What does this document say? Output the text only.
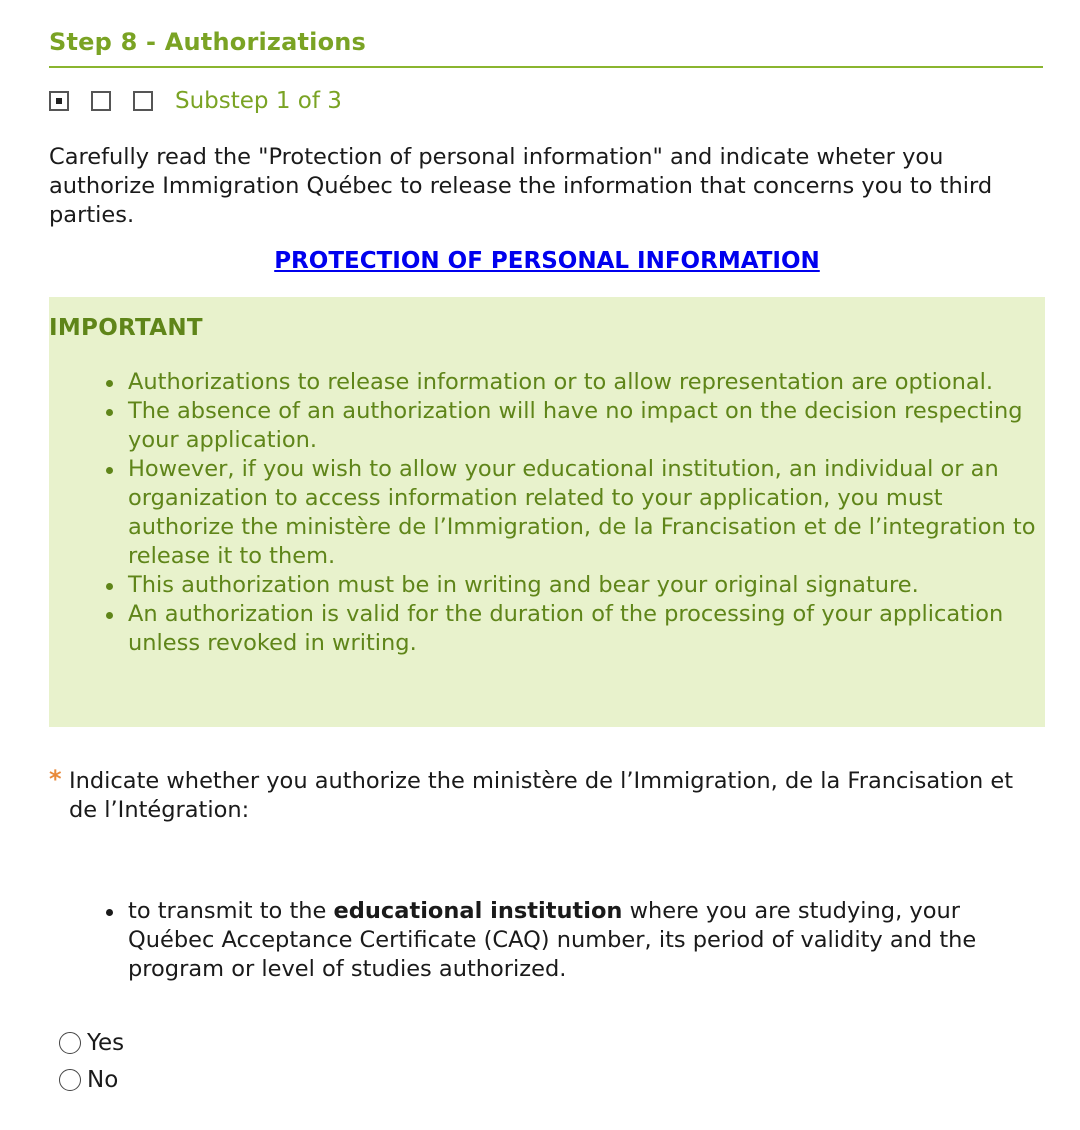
Step 8 - Authorizations
Substep 1 of 3

Carefully read the "Protection of personal information" and indicate wheter you authorize Immigration Québec to release the information that concerns you to third parties.

PROTECTION OF PERSONAL INFORMATION
IMPORTANT
Authorizations to release information or to allow representation are optional.
The absence of an authorization will have no impact on the decision respecting your application.
However, if you wish to allow your educational institution, an individual or an organization to access information related to your application, you must authorize the ministère de l’Immigration, de la Francisation et de l’integration to release it to them.
This authorization must be in writing and bear your original signature.
An authorization is valid for the duration of the processing of your application unless revoked in writing.
* Indicate whether you authorize the ministère de l’Immigration, de la Francisation et de l’Intégration:
to transmit to the educational institution where you are studying, your Québec Acceptance Certificate (CAQ) number, its period of validity and the program or level of studies authorized.
Yes
No
